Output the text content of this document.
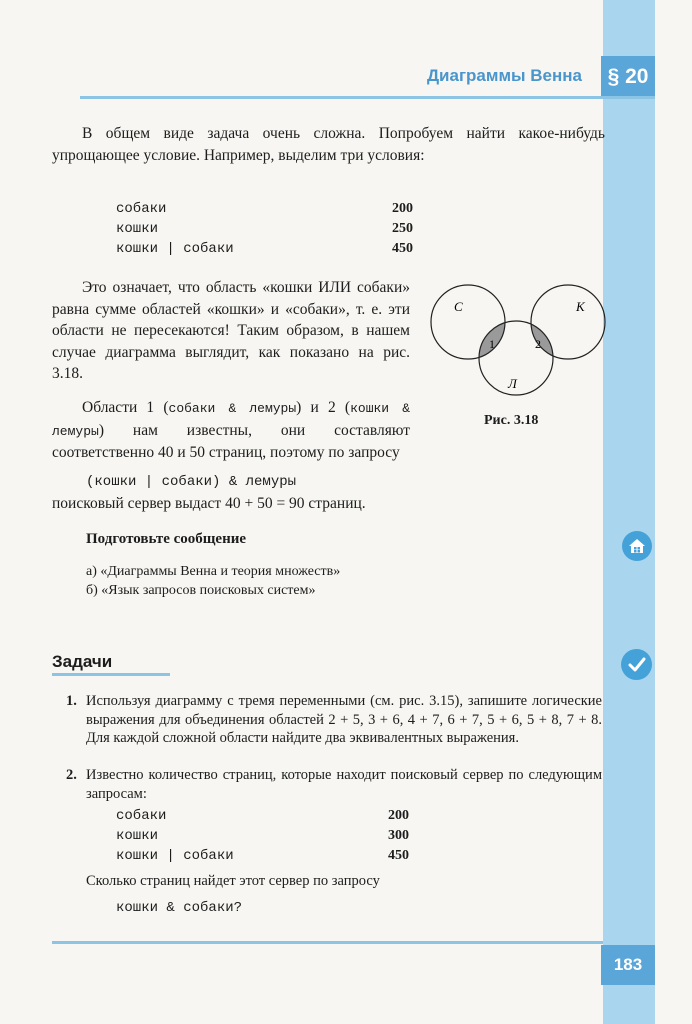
§ 20
Диаграммы Венна
В общем виде задача очень сложна. Попробуем найти какое-нибудь упрощающее условие. Например, выделим три условия:
собаки	200
кошки	250
кошки | собаки	450
Это означает, что область «кошки ИЛИ собаки» равна сумме областей «кошки» и «собаки», т. е. эти области не пересекаются! Таким образом, в нашем случае диаграмма выглядит, как показано на рис. 3.18.
С	К
Л
1	2
Рис. 3.18
Области 1 (собаки & лемуры) и 2 (кошки & лемуры) нам известны, они составляют соответственно 40 и 50 страниц, поэтому по запросу
(кошки | собаки) & лемуры
поисковый сервер выдаст 40 + 50 = 90 страниц.
Подготовьте сообщение
а) «Диаграммы Венна и теория множеств»
б) «Язык запросов поисковых систем»
Задачи
1. Используя диаграмму с тремя переменными (см. рис. 3.15), запишите логические выражения для объединения областей 2 + 5, 3 + 6, 4 + 7, 6 + 7, 5 + 6, 5 + 8, 7 + 8. Для каждой сложной области найдите два эквивалентных выражения.
2. Известно количество страниц, которые находит поисковый сервер по следующим запросам:
собаки	200
кошки	300
кошки | собаки	450
Сколько страниц найдет этот сервер по запросу
кошки & собаки?
183
